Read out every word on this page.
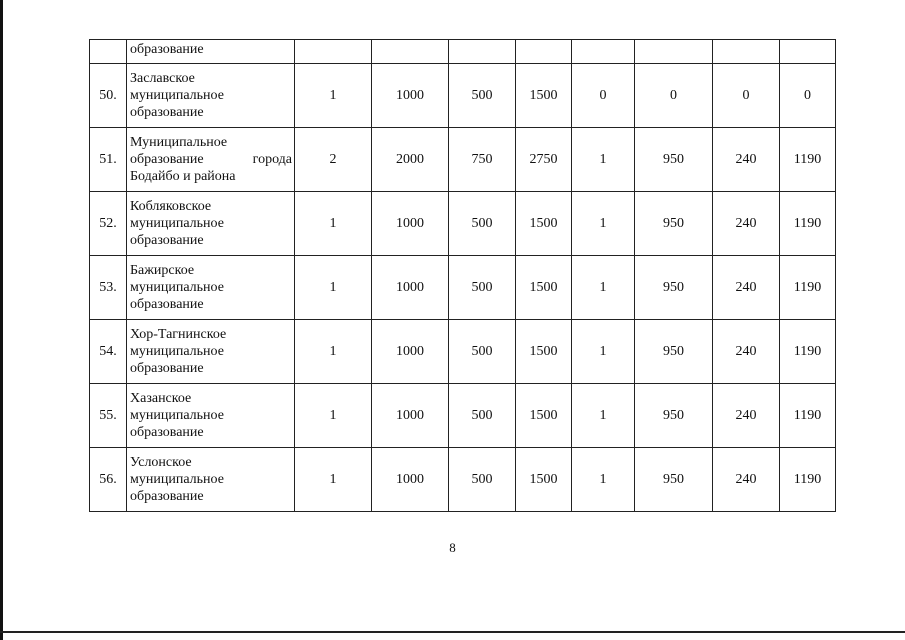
	образование								
50.	Заславское
муниципальное
образование	1	1000	500	1500	0	0	0	0
51.	Муниципальное
образование города
Бодайбо и района	2	2000	750	2750	1	950	240	1190
52.	Кобляковское
муниципальное
образование	1	1000	500	1500	1	950	240	1190
53.	Бажирское
муниципальное
образование	1	1000	500	1500	1	950	240	1190
54.	Хор-Тагнинское
муниципальное
образование	1	1000	500	1500	1	950	240	1190
55.	Хазанское
муниципальное
образование	1	1000	500	1500	1	950	240	1190
56.	Услонское
муниципальное
образование	1	1000	500	1500	1	950	240	1190
8
